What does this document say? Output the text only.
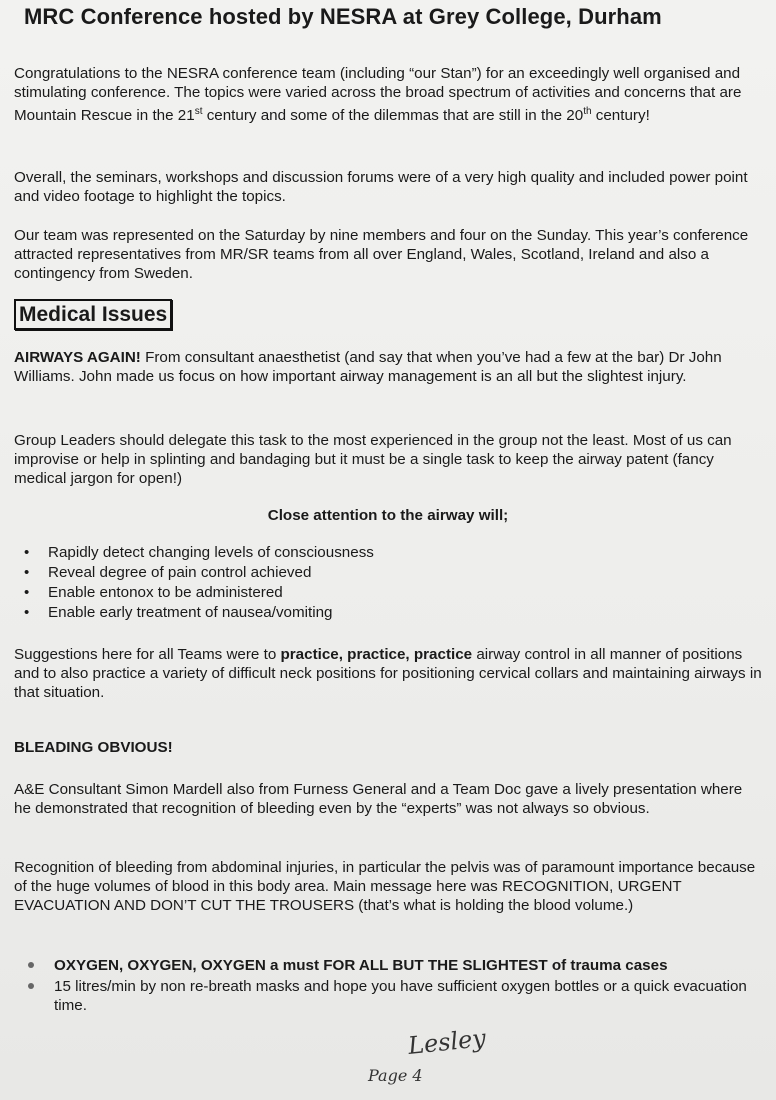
MRC Conference hosted by NESRA at Grey College, Durham

Congratulations to the NESRA conference team (including “our Stan”) for an exceedingly well organised and stimulating conference. The topics were varied across the broad spectrum of activities and concerns that are Mountain Rescue in the 21st century and some of the dilemmas that are still in the 20th century!

Overall, the seminars, workshops and discussion forums were of a very high quality and included power point and video footage to highlight the topics.

Our team was represented on the Saturday by nine members and four on the Sunday. This year’s conference attracted representatives from MR/SR teams from all over England, Wales, Scotland, Ireland and also a contingency from Sweden.

Medical Issues

AIRWAYS AGAIN! From consultant anaesthetist (and say that when you’ve had a few at the bar) Dr John Williams. John made us focus on how important airway management is an all but the slightest injury.

Group Leaders should delegate this task to the most experienced in the group not the least. Most of us can improvise or help in splinting and bandaging but it must be a single task to keep the airway patent (fancy medical jargon for open!)

Close attention to the airway will;
• Rapidly detect changing levels of consciousness
• Reveal degree of pain control achieved
• Enable entonox to be administered
• Enable early treatment of nausea/vomiting

Suggestions here for all Teams were to practice, practice, practice airway control in all manner of positions and to also practice a variety of difficult neck positions for positioning cervical collars and maintaining airways in that situation.

BLEADING OBVIOUS!

A&E Consultant Simon Mardell also from Furness General and a Team Doc gave a lively presentation where he demonstrated that recognition of bleeding even by the “experts” was not always so obvious.

Recognition of bleeding from abdominal injuries, in particular the pelvis was of paramount importance because of the huge volumes of blood in this body area. Main message here was RECOGNITION, URGENT EVACUATION AND DON’T CUT THE TROUSERS (that’s what is holding the blood volume.)

OXYGEN, OXYGEN, OXYGEN a must FOR ALL BUT THE SLIGHTEST of trauma cases
15 litres/min by non re-breath masks and hope you have sufficient oxygen bottles or a quick evacuation time.
Lesley
Page 4
